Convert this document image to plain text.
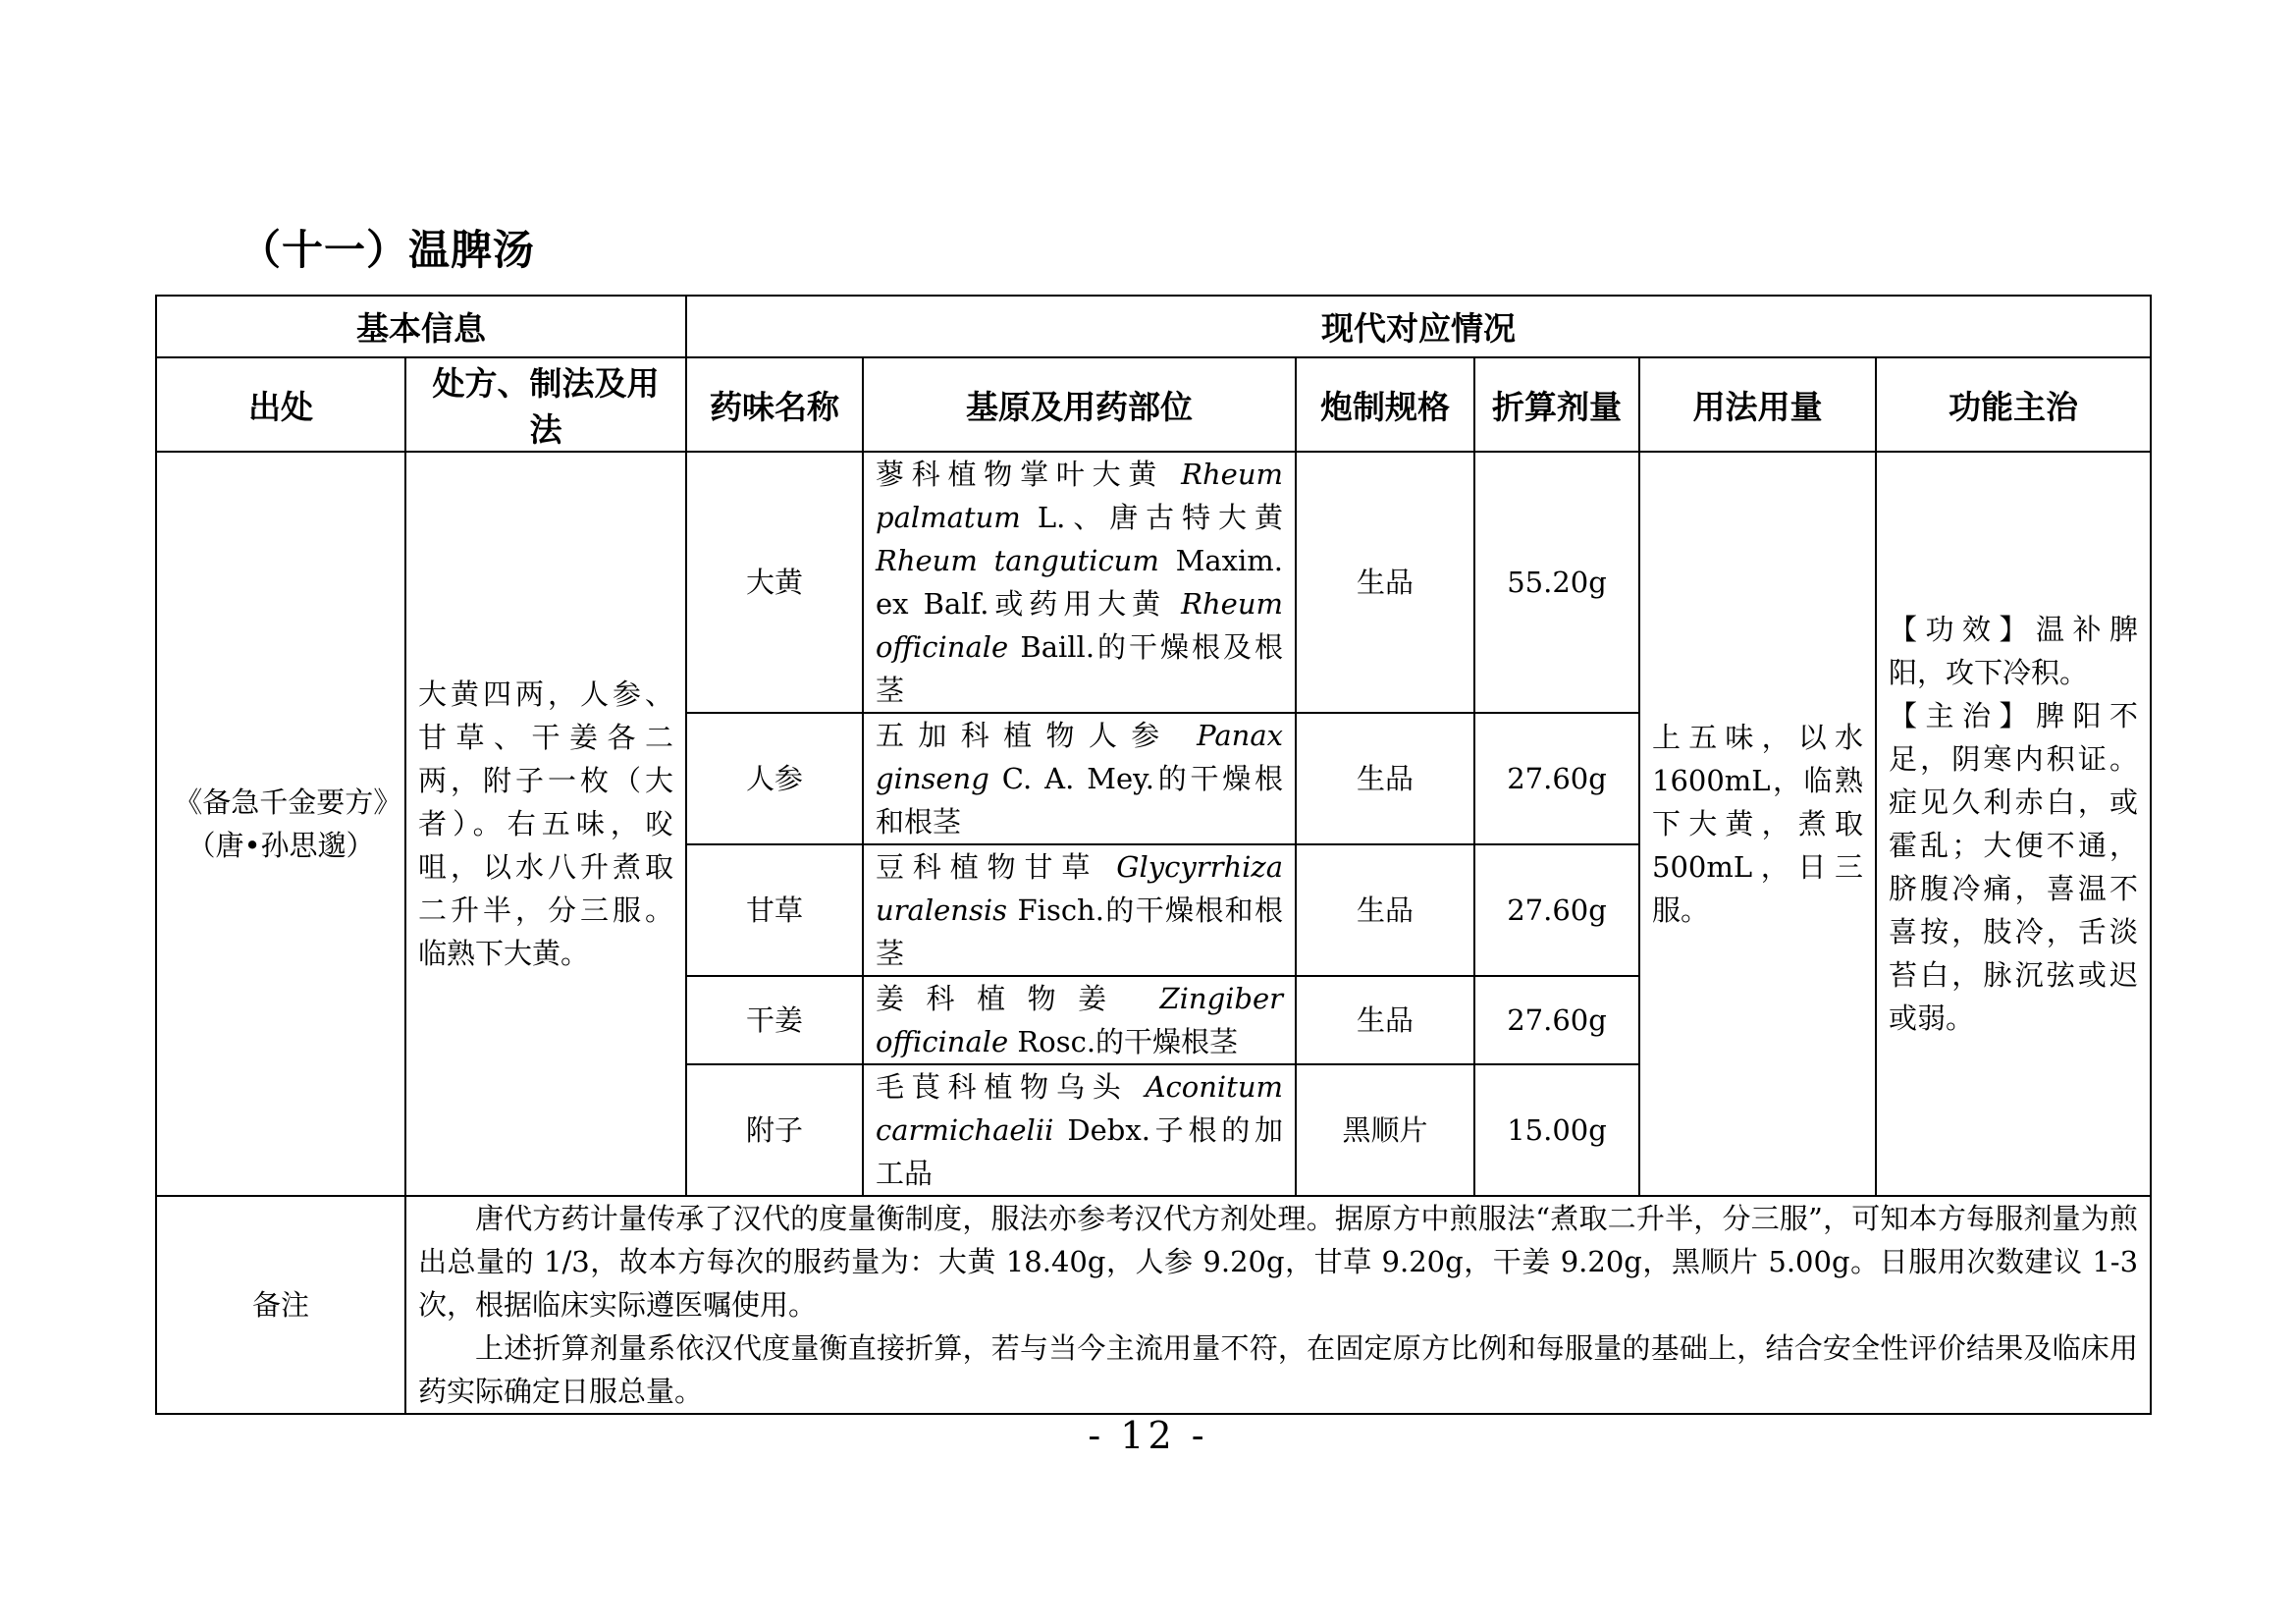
（十一）温脾汤
基本信息		现代对应情况					
出处	处方、制法及用法	药味名称	基原及用药部位	炮制规格	折算剂量	用法用量	功能主治
《备急千金要方》（唐•孙思邈）	大黄四两，人参、甘草、干姜各二两，附子一枚（大者）。右五味，㕮咀，以水八升煮取二升半，分三服。临熟下大黄。	大黄	蓼科植物掌叶大黄 Rheum palmatum L.、唐古特大黄 Rheum tanguticum Maxim. ex Balf.或药用大黄 Rheum officinale Baill.的干燥根及根茎	生品	55.20g	上五味，以水1600mL，临熟下大黄，煮取500mL，日三服。	【功效】温补脾阳，攻下冷积。
【主治】脾阳不足，阴寒内积证。症见久利赤白，或霍乱；大便不通，脐腹冷痛，喜温不喜按，肢冷，舌淡苔白，脉沉弦或迟或弱。

		人参	五加科植物人参 Panax ginseng C. A. Mey.的干燥根和根茎	生品	27.60g		
		甘草	豆科植物甘草 Glycyrrhiza uralensis Fisch.的干燥根和根茎	生品	27.60g		
		干姜	姜科植物姜 Zingiber officinale Rosc.的干燥根茎	生品	27.60g		
		附子	毛茛科植物乌头 Aconitum carmichaelii Debx.子根的加工品	黑顺片	15.00g		
备注	唐代方药计量传承了汉代的度量衡制度，服法亦参考汉代方剂处理。据原方中煎服法“煮取二升半，分三服”，可知本方每服剂量为煎出总量的 1/3，故本方每次的服药量为：大黄 18.40g，人参 9.20g，甘草 9.20g，干姜 9.20g，黑顺片 5.00g。日服用次数建议 1-3 次，根据临床实际遵医嘱使用。
上述折算剂量系依汉代度量衡直接折算，若与当今主流用量不符，在固定原方比例和每服量的基础上，结合安全性评价结果及临床用药实际确定日服总量。						
- 12 -
